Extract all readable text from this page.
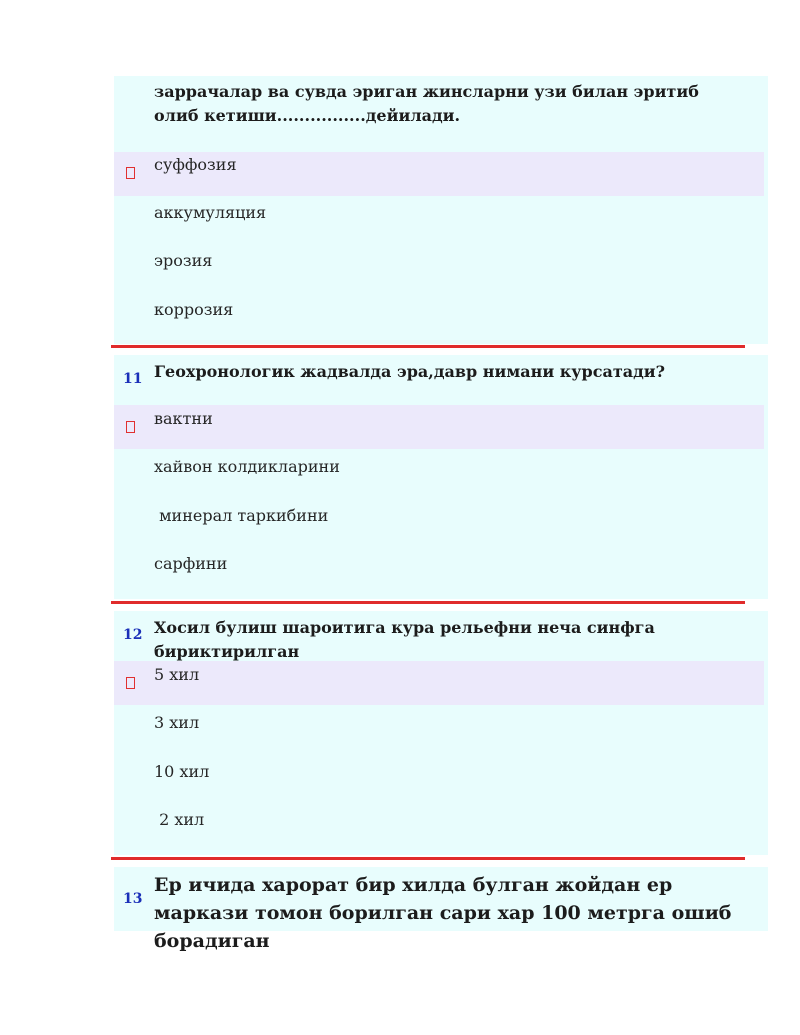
заррачалар ва сувда эриган жинсларни узи билан эритиб олиб кетиши................дейилади.
суффозия
аккумуляция
эрозия
коррозия
11 Геохронологик жадвалда эра,давр нимани курсатади?
вактни
хайвон колдикларини
минерал таркибини
сарфини
12 Хосил булиш шароитига кура рельефни неча синфга бириктирилган
5 хил
3 хил
10 хил
2 хил
13
Ер ичида харорат бир хилда булган жойдан ер маркази томон борилган сари хар 100 метрга ошиб борадиган
